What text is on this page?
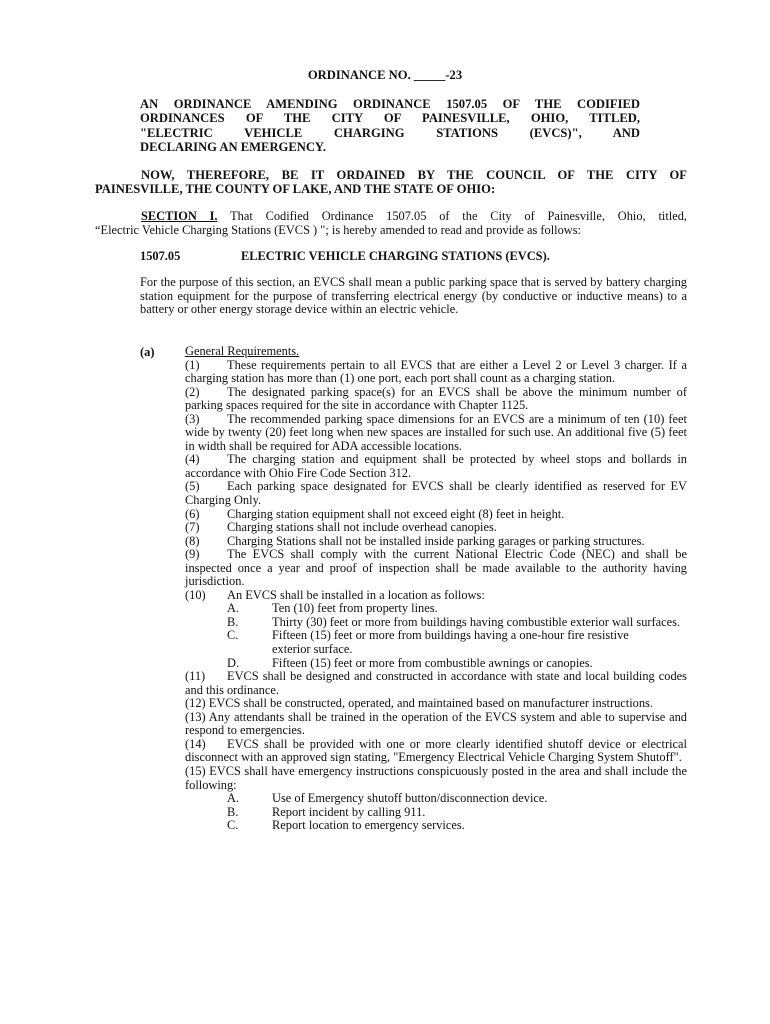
ORDINANCE NO. _____-23
AN ORDINANCE AMENDING ORDINANCE 1507.05 OF THE CODIFIED
ORDINANCES OF THE CITY OF PAINESVILLE, OHIO, TITLED,
"ELECTRIC VEHICLE CHARGING STATIONS (EVCS)", AND
DECLARING AN EMERGENCY.
NOW, THEREFORE, BE IT ORDAINED BY THE COUNCIL OF THE CITY OF
PAINESVILLE, THE COUNTY OF LAKE, AND THE STATE OF OHIO:
SECTION I. That Codified Ordinance 1507.05 of the City of Painesville, Ohio, titled,
“Electric Vehicle Charging Stations (EVCS ) "; is hereby amended to read and provide as follows:
1507.05	ELECTRIC VEHICLE CHARGING STATIONS (EVCS).
For the purpose of this section, an EVCS shall mean a public parking space that is served by battery charging station equipment for the purpose of transferring electrical energy (by conductive or inductive means) to a battery or other energy storage device within an electric vehicle.
(a) General Requirements.

(1) These requirements pertain to all EVCS that are either a Level 2 or Level 3 charger. If a charging station has more than (1) one port, each port shall count as a charging station.
(2) The designated parking space(s) for an EVCS shall be above the minimum number of parking spaces required for the site in accordance with Chapter 1125.
(3) The recommended parking space dimensions for an EVCS are a minimum of ten (10) feet wide by twenty (20) feet long when new spaces are installed for such use. An additional five (5) feet in width shall be required for ADA accessible locations.
(4) The charging station and equipment shall be protected by wheel stops and bollards in accordance with Ohio Fire Code Section 312.
(5) Each parking space designated for EVCS shall be clearly identified as reserved for EV Charging Only.
(6) Charging station equipment shall not exceed eight (8) feet in height.
(7) Charging stations shall not include overhead canopies.
(8) Charging Stations shall not be installed inside parking garages or parking structures.
(9) The EVCS shall comply with the current National Electric Code (NEC) and shall be inspected once a year and proof of inspection shall be made available to the authority having jurisdiction.
(10) An EVCS shall be installed in a location as follows:
A.	Ten (10) feet from property lines.
B.	Thirty (30) feet or more from buildings having combustible exterior wall surfaces.
C.	Fifteen (15) feet or more from buildings having a one-hour fire resistive exterior surface.
D.	Fifteen (15) feet or more from combustible awnings or canopies.
(11) EVCS shall be designed and constructed in accordance with state and local building codes and this ordinance.
(12) EVCS shall be constructed, operated, and maintained based on manufacturer instructions.
(13) Any attendants shall be trained in the operation of the EVCS system and able to supervise and respond to emergencies.
(14) EVCS shall be provided with one or more clearly identified shutoff device or electrical disconnect with an approved sign stating, "Emergency Electrical Vehicle Charging System Shutoff".
(15) EVCS shall have emergency instructions conspicuously posted in the area and shall include the following:
A.	Use of Emergency shutoff button/disconnection device.
B.	Report incident by calling 911.
C.	Report location to emergency services.
